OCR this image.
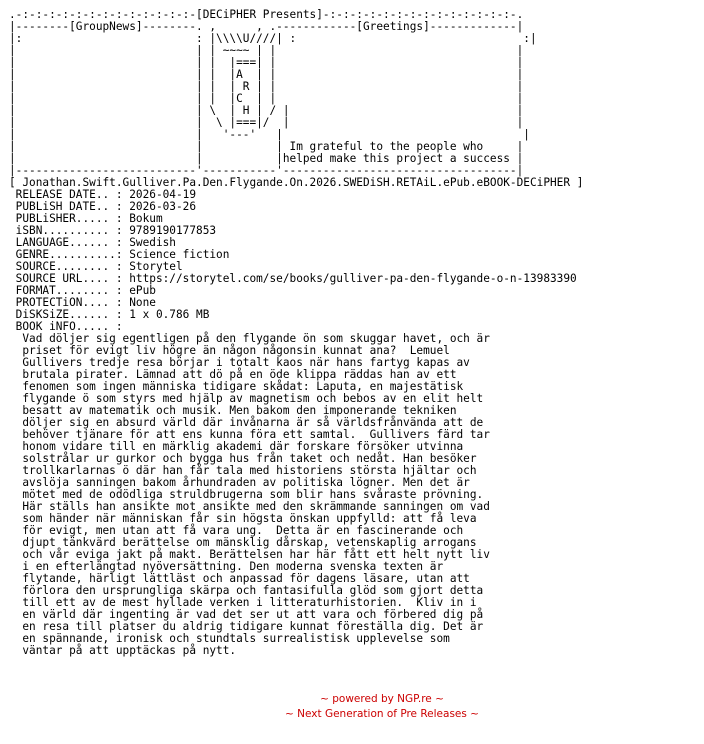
.-:-:-:-:-:-:-:-:-:-:-:-:-:-[DECiPHER Presents]-:-:-:-:-:-:-:-:-:-:-:-:-:-:-.
|--------[GroupNews]--------. ,      , .------------[Greetings]-------------|
|:                          : |\\\\U////| :                                  :|
|                           | | ~~~~ | |                                    |
|                           | |  |===| |                                    |
|                           | |  |A  | |                                    |
|                           | |  | R | |                                    |
|                           | |  |C  | |                                    |
|                           | \  | H | / |                                  |
|                           |  \ |===|/  |                                  |
|                           |   '---'   |                                    |
|                           |           | Im grateful to the people who     |
|                           |           |helped make this project a success |
|---------------------------'-----------'-----------------------------------|
[ Jonathan.Swift.Gulliver.Pa.Den.Flygande.On.2026.SWEDiSH.RETAiL.ePub.eBOOK-DECiPHER ]
RELEASE DATE.. : 2026-04-19
PUBLiSH DATE.. : 2026-03-26
PUBLiSHER..... : Bokum
iSBN.......... : 9789190177853
LANGUAGE...... : Swedish
GENRE..........: Science fiction
SOURCE........ : Storytel
SOURCE URL.... : https://storytel.com/se/books/gulliver-pa-den-flygande-o-n-13983390
FORMAT........ : ePub
PROTECTiON.... : None
DiSKSiZE...... : 1 x 0.786 MB
BOOK iNFO..... :
Vad döljer sig egentligen på den flygande ön som skuggar havet, och är
priset för evigt liv högre än någon någonsin kunnat ana?  Lemuel
Gullivers tredje resa börjar i totalt kaos när hans fartyg kapas av
brutala pirater. Lämnad att dö på en öde klippa räddas han av ett
fenomen som ingen människa tidigare skådat: Laputa, en majestätisk
flygande ö som styrs med hjälp av magnetism och bebos av en elit helt
besatt av matematik och musik. Men bakom den imponerande tekniken
döljer sig en absurd värld där invånarna är så världsfrånvända att de
behöver tjänare för att ens kunna föra ett samtal.  Gullivers färd tar
honom vidare till en märklig akademi där forskare försöker utvinna
solstrålar ur gurkor och bygga hus från taket och nedåt. Han besöker
trollkarlarnas ö där han får tala med historiens största hjältar och
avslöja sanningen bakom århundraden av politiska lögner. Men det är
mötet med de odödliga struldbrugerna som blir hans svåraste prövning.
Här ställs han ansikte mot ansikte med den skrämmande sanningen om vad
som händer när människan får sin högsta önskan uppfylld: att få leva
för evigt, men utan att få vara ung.  Detta är en fascinerande och
djupt tänkvärd berättelse om mänsklig dårskap, vetenskaplig arrogans
och vår eviga jakt på makt. Berättelsen har här fått ett helt nytt liv
i en efterlängtad nyöversättning. Den moderna svenska texten är
flytande, härligt lättläst och anpassad för dagens läsare, utan att
förlora den ursprungliga skärpa och fantasifulla glöd som gjort detta
till ett av de mest hyllade verken i litteraturhistorien.  Kliv in i
en värld där ingenting är vad det ser ut att vara och förbered dig på
en resa till platser du aldrig tidigare kunnat föreställa dig. Det är
en spännande, ironisk och stundtals surrealistisk upplevelse som
väntar på att upptäckas på nytt.
~ powered by NGP.re ~
~ Next Generation of Pre Releases ~
